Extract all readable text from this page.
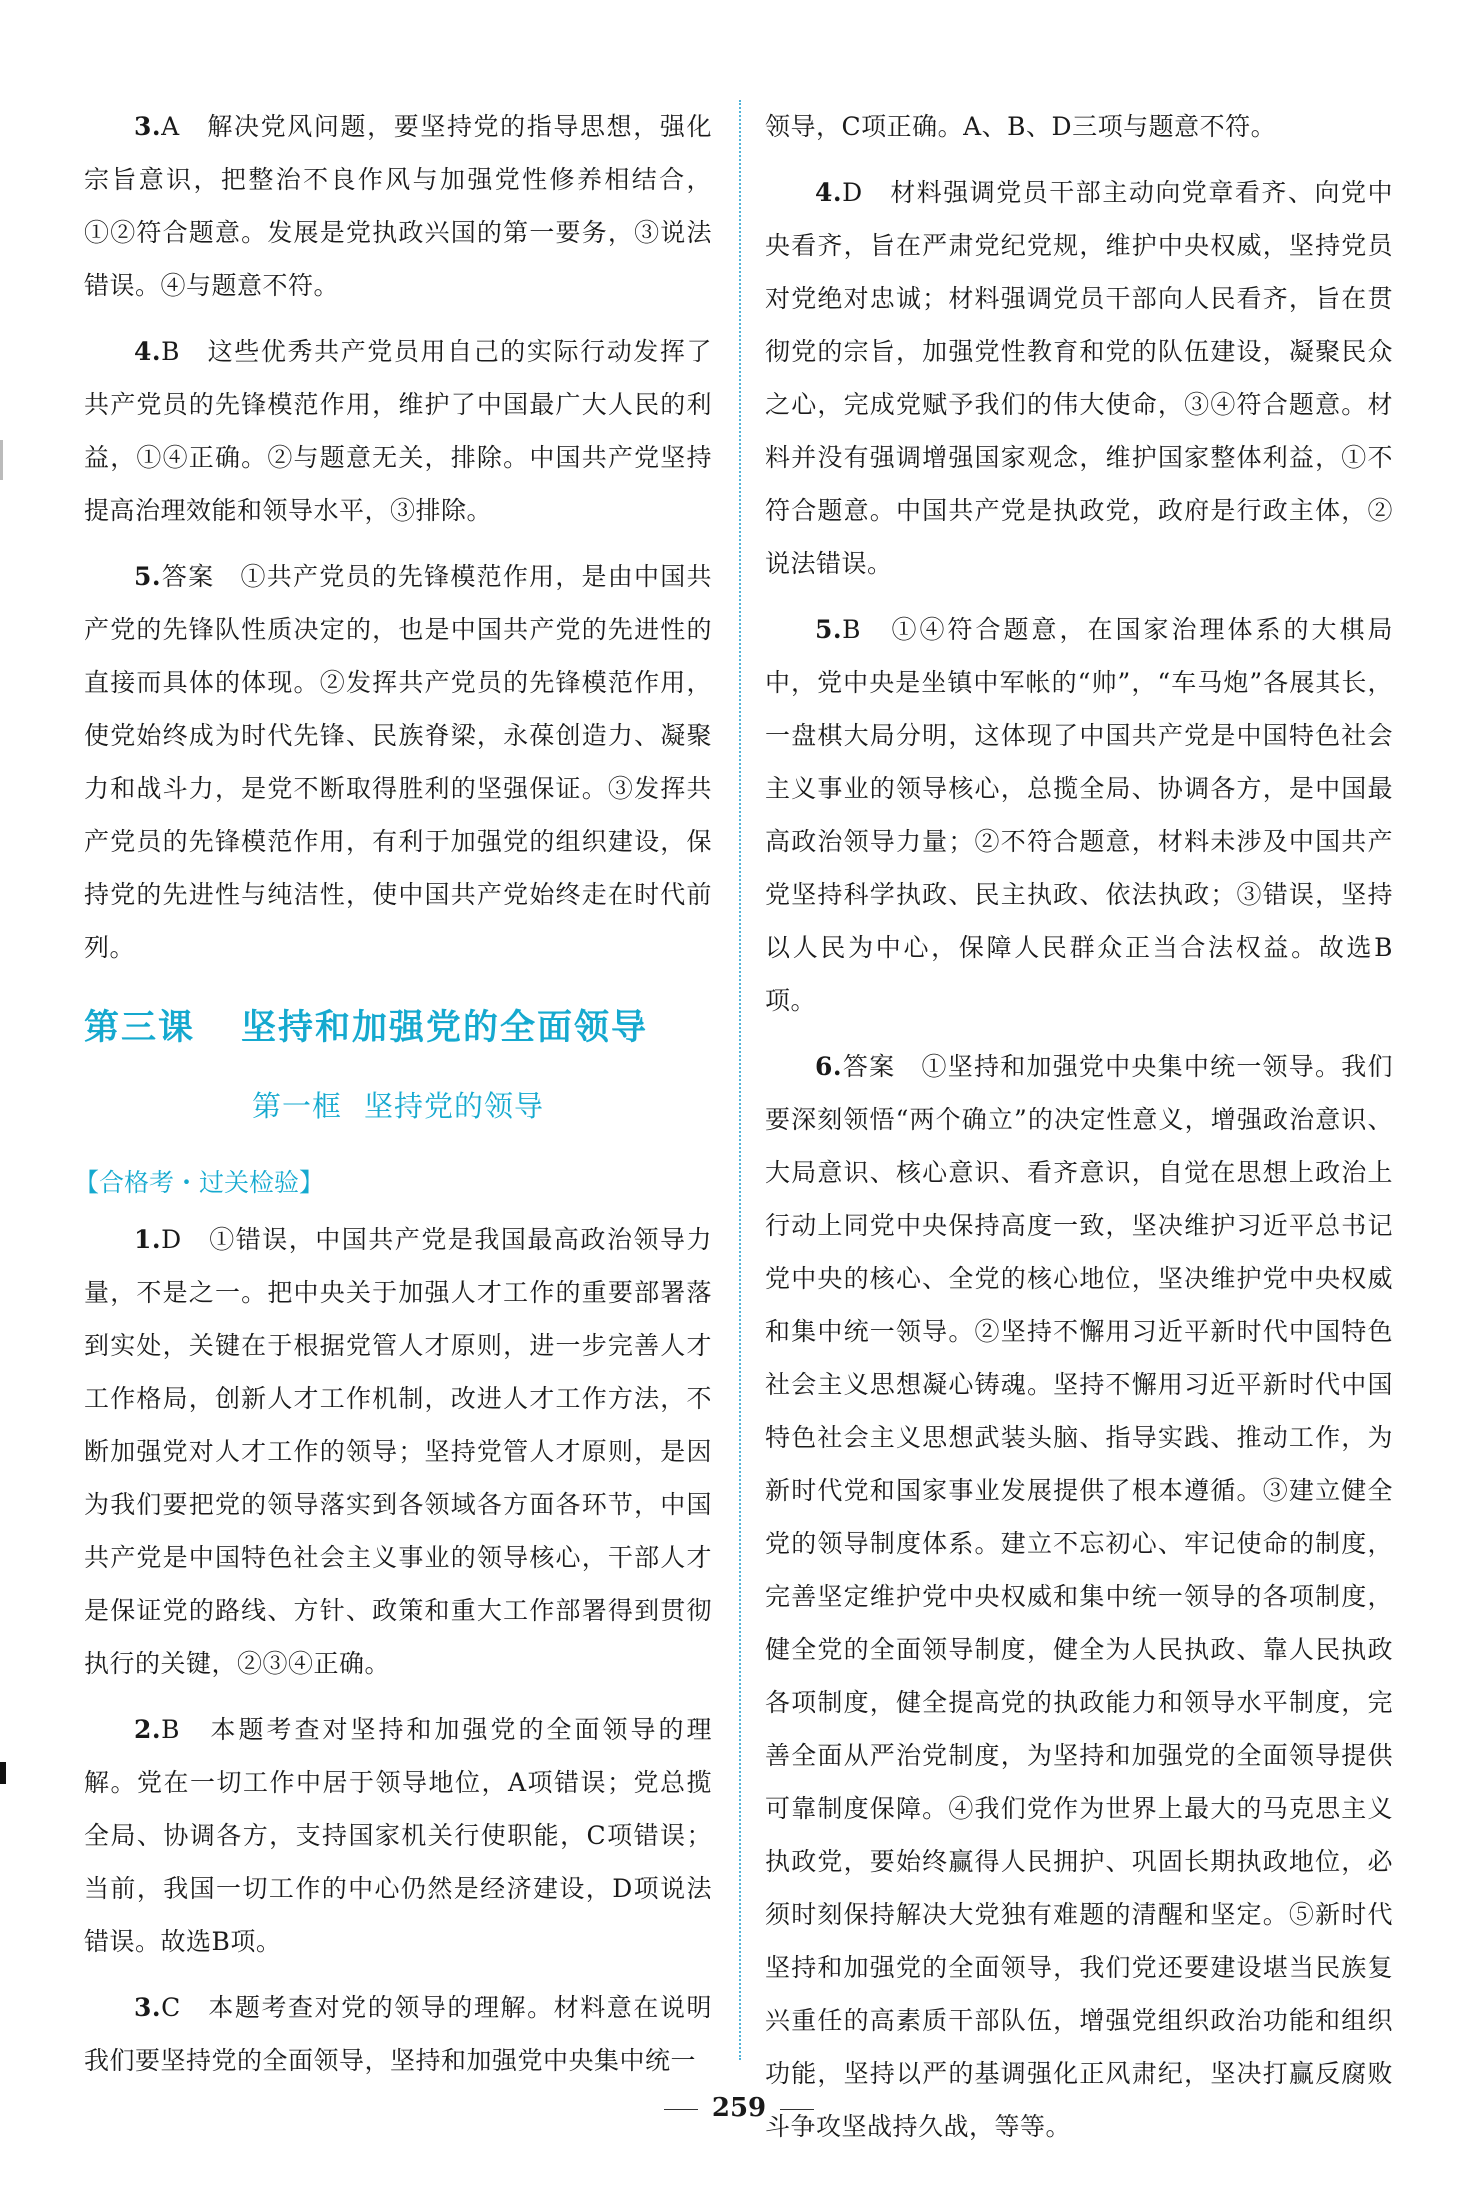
3.A　解决党风问题，要坚持党的指导思想，强化宗旨意识，把整治不良作风与加强党性修养相结合，①②符合题意。发展是党执政兴国的第一要务，③说法错误。④与题意不符。

4.B　这些优秀共产党员用自己的实际行动发挥了共产党员的先锋模范作用，维护了中国最广大人民的利益，①④正确。②与题意无关，排除。中国共产党坚持提高治理效能和领导水平，③排除。

5.答案　①共产党员的先锋模范作用，是由中国共产党的先锋队性质决定的，也是中国共产党的先进性的直接而具体的体现。②发挥共产党员的先锋模范作用，使党始终成为时代先锋、民族脊梁，永葆创造力、凝聚力和战斗力，是党不断取得胜利的坚强保证。③发挥共产党员的先锋模范作用，有利于加强党的组织建设，保持党的先进性与纯洁性，使中国共产党始终走在时代前列。

第三课 坚持和加强党的全面领导
第一框 坚持党的领导
【合格考・过关检验】

1.D　①错误，中国共产党是我国最高政治领导力量，不是之一。把中央关于加强人才工作的重要部署落到实处，关键在于根据党管人才原则，进一步完善人才工作格局，创新人才工作机制，改进人才工作方法，不断加强党对人才工作的领导；坚持党管人才原则，是因为我们要把党的领导落实到各领域各方面各环节，中国共产党是中国特色社会主义事业的领导核心，干部人才是保证党的路线、方针、政策和重大工作部署得到贯彻执行的关键，②③④正确。

2.B　本题考查对坚持和加强党的全面领导的理解。党在一切工作中居于领导地位，A项错误；党总揽全局、协调各方，支持国家机关行使职能，C项错误；当前，我国一切工作的中心仍然是经济建设，D项说法错误。故选B项。

3.C　本题考查对党的领导的理解。材料意在说明我们要坚持党的全面领导，坚持和加强党中央集中统一

领导，C项正确。A、B、D三项与题意不符。

4.D　材料强调党员干部主动向党章看齐、向党中央看齐，旨在严肃党纪党规，维护中央权威，坚持党员对党绝对忠诚；材料强调党员干部向人民看齐，旨在贯彻党的宗旨，加强党性教育和党的队伍建设，凝聚民众之心，完成党赋予我们的伟大使命，③④符合题意。材料并没有强调增强国家观念，维护国家整体利益，①不符合题意。中国共产党是执政党，政府是行政主体，②说法错误。

5.B　①④符合题意，在国家治理体系的大棋局中，党中央是坐镇中军帐的“帅”，“车马炮”各展其长，一盘棋大局分明，这体现了中国共产党是中国特色社会主义事业的领导核心，总揽全局、协调各方，是中国最高政治领导力量；②不符合题意，材料未涉及中国共产党坚持科学执政、民主执政、依法执政；③错误，坚持以人民为中心，保障人民群众正当合法权益。故选B项。

6.答案　①坚持和加强党中央集中统一领导。我们要深刻领悟“两个确立”的决定性意义，增强政治意识、大局意识、核心意识、看齐意识，自觉在思想上政治上行动上同党中央保持高度一致，坚决维护习近平总书记党中央的核心、全党的核心地位，坚决维护党中央权威和集中统一领导。②坚持不懈用习近平新时代中国特色社会主义思想凝心铸魂。坚持不懈用习近平新时代中国特色社会主义思想武装头脑、指导实践、推动工作，为新时代党和国家事业发展提供了根本遵循。③建立健全党的领导制度体系。建立不忘初心、牢记使命的制度，完善坚定维护党中央权威和集中统一领导的各项制度，健全党的全面领导制度，健全为人民执政、靠人民执政各项制度，健全提高党的执政能力和领导水平制度，完善全面从严治党制度，为坚持和加强党的全面领导提供可靠制度保障。④我们党作为世界上最大的马克思主义执政党，要始终赢得人民拥护、巩固长期执政地位，必须时刻保持解决大党独有难题的清醒和坚定。⑤新时代坚持和加强党的全面领导，我们党还要建设堪当民族复兴重任的高素质干部队伍，增强党组织政治功能和组织功能，坚持以严的基调强化正风肃纪，坚决打赢反腐败斗争攻坚战持久战，等等。

259
